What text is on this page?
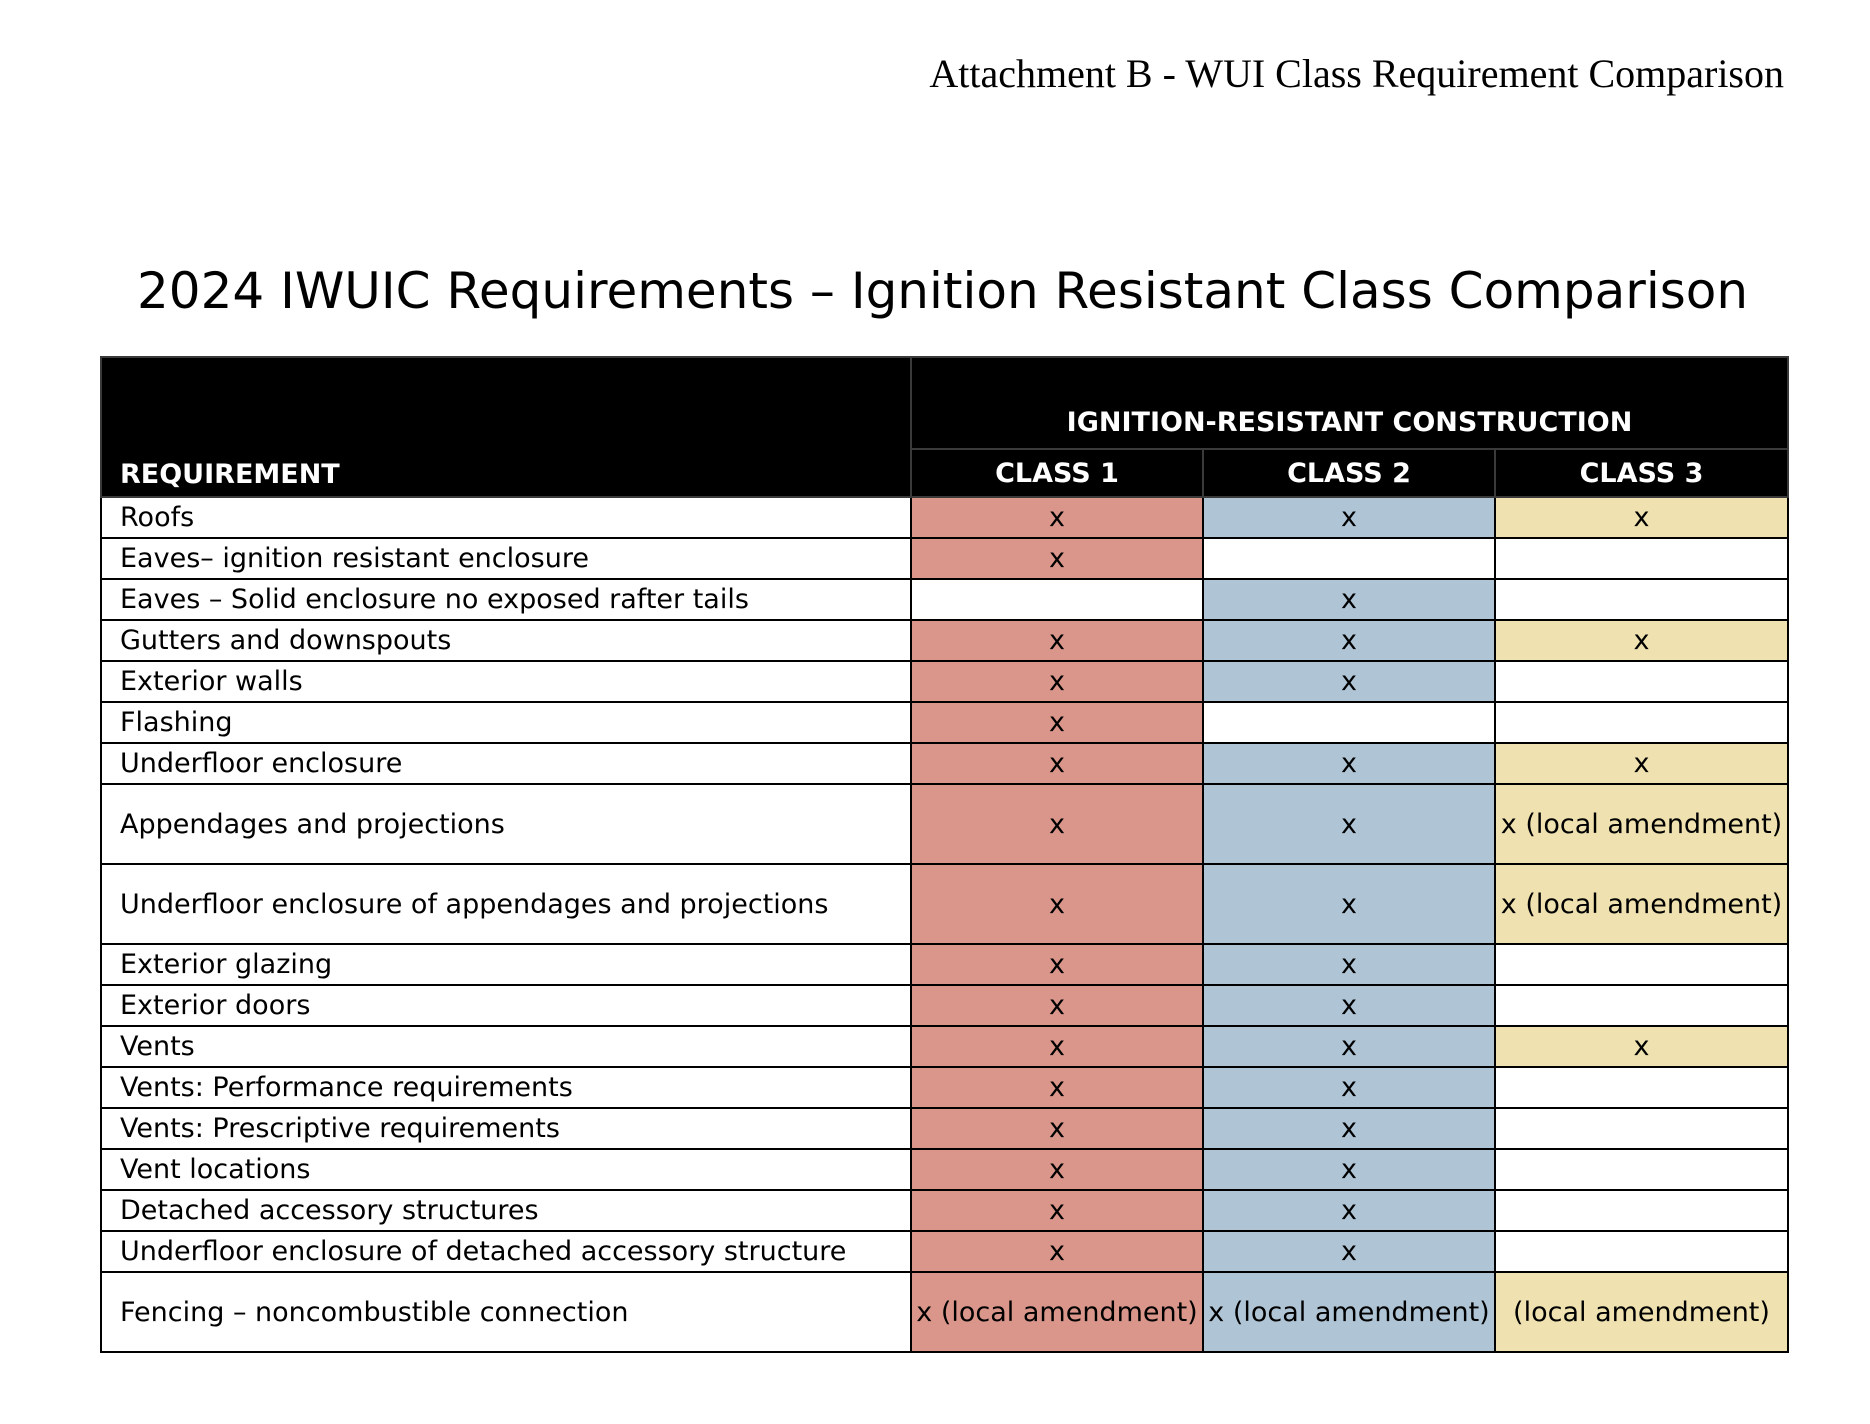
Attachment B - WUI Class Requirement Comparison
2024 IWUIC Requirements – Ignition Resistant Class Comparison
REQUIREMENT	IGNITION-RESISTANT CONSTRUCTION		
	CLASS 1	CLASS 2	CLASS 3
Roofs	x	x	x
Eaves– ignition resistant enclosure	x		
Eaves – Solid enclosure no exposed rafter tails		x	
Gutters and downspouts	x	x	x
Exterior walls	x	x	
Flashing	x		
Underfloor enclosure	x	x	x
Appendages and projections	x	x	x (local amendment)
Underfloor enclosure of appendages and projections	x	x	x (local amendment)
Exterior glazing	x	x	
Exterior doors	x	x	
Vents	x	x	x
Vents: Performance requirements	x	x	
Vents: Prescriptive requirements	x	x	
Vent locations	x	x	
Detached accessory structures	x	x	
Underfloor enclosure of detached accessory structure	x	x	
Fencing – noncombustible connection	x (local amendment)	x (local amendment)	(local amendment)
